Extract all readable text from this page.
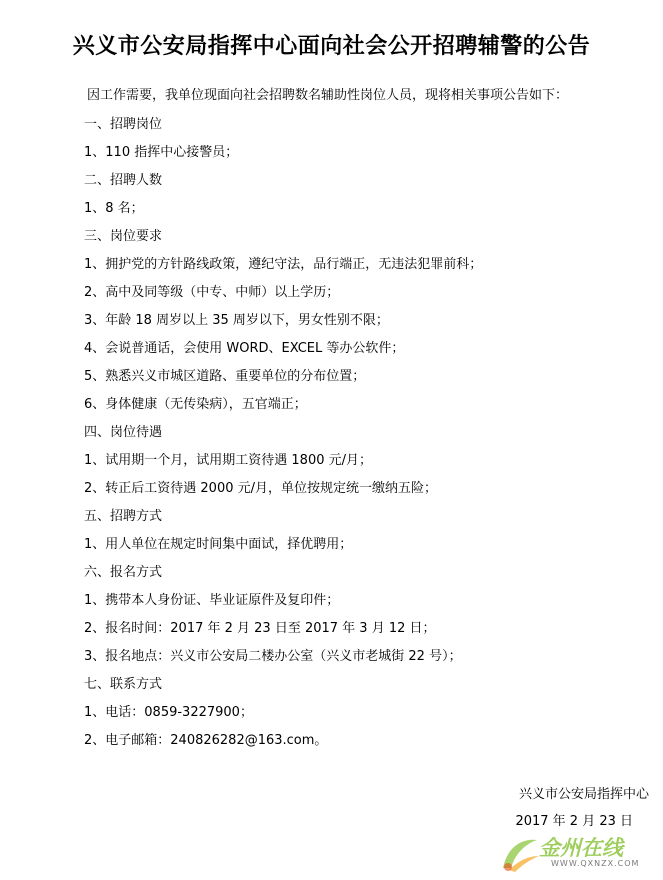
兴义市公安局指挥中心面向社会公开招聘辅警的公告
因工作需要，我单位现面向社会招聘数名辅助性岗位人员，现将相关事项公告如下：
一、招聘岗位
1、110 指挥中心接警员；
二、招聘人数
1、8 名；
三、岗位要求
1、拥护党的方针路线政策，遵纪守法，品行端正，无违法犯罪前科；
2、高中及同等级（中专、中师）以上学历；
3、年龄 18 周岁以上 35 周岁以下，男女性别不限；
4、会说普通话，会使用 WORD、EXCEL 等办公软件；
5、熟悉兴义市城区道路、重要单位的分布位置；
6、身体健康（无传染病），五官端正；
四、岗位待遇
1、试用期一个月，试用期工资待遇 1800 元/月；
2、转正后工资待遇 2000 元/月，单位按规定统一缴纳五险；
五、招聘方式
1、用人单位在规定时间集中面试，择优聘用；
六、报名方式
1、携带本人身份证、毕业证原件及复印件；
2、报名时间：2017 年 2 月 23 日至 2017 年 3 月 12 日；
3、报名地点：兴义市公安局二楼办公室（兴义市老城街 22 号）；
七、联系方式
1、电话：0859-3227900；
2、电子邮箱：240826282@163.com。
兴义市公安局指挥中心
2017 年 2 月 23 日
金州在线
WWW.QXNZX.COM
